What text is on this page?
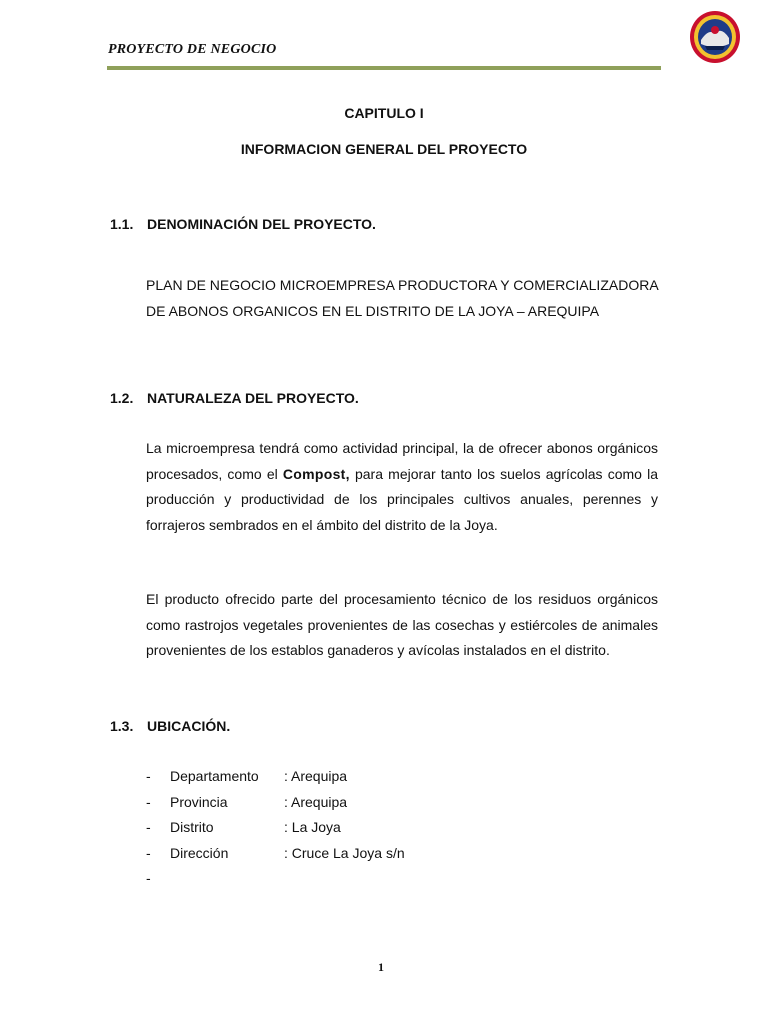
PROYECTO DE NEGOCIO
CAPITULO I
INFORMACION GENERAL DEL PROYECTO
1.1. DENOMINACIÓN DEL PROYECTO.
PLAN DE NEGOCIO MICROEMPRESA PRODUCTORA Y COMERCIALIZADORA DE ABONOS ORGANICOS EN EL DISTRITO DE LA JOYA – AREQUIPA
1.2. NATURALEZA DEL PROYECTO.
La microempresa tendrá como actividad principal, la de ofrecer abonos orgánicos procesados, como el Compost, para mejorar tanto los suelos agrícolas como la producción y productividad de los principales cultivos anuales, perennes y forrajeros sembrados en el ámbito del distrito de la Joya.
El producto ofrecido parte del procesamiento técnico de los residuos orgánicos como rastrojos vegetales provenientes de las cosechas y estiércoles de animales provenientes de los establos ganaderos y avícolas instalados en el distrito.
1.3. UBICACIÓN.
- Departamento : Arequipa
- Provincia	: Arequipa
- Distrito	: La Joya
- Dirección	: Cruce La Joya s/n
-
1
